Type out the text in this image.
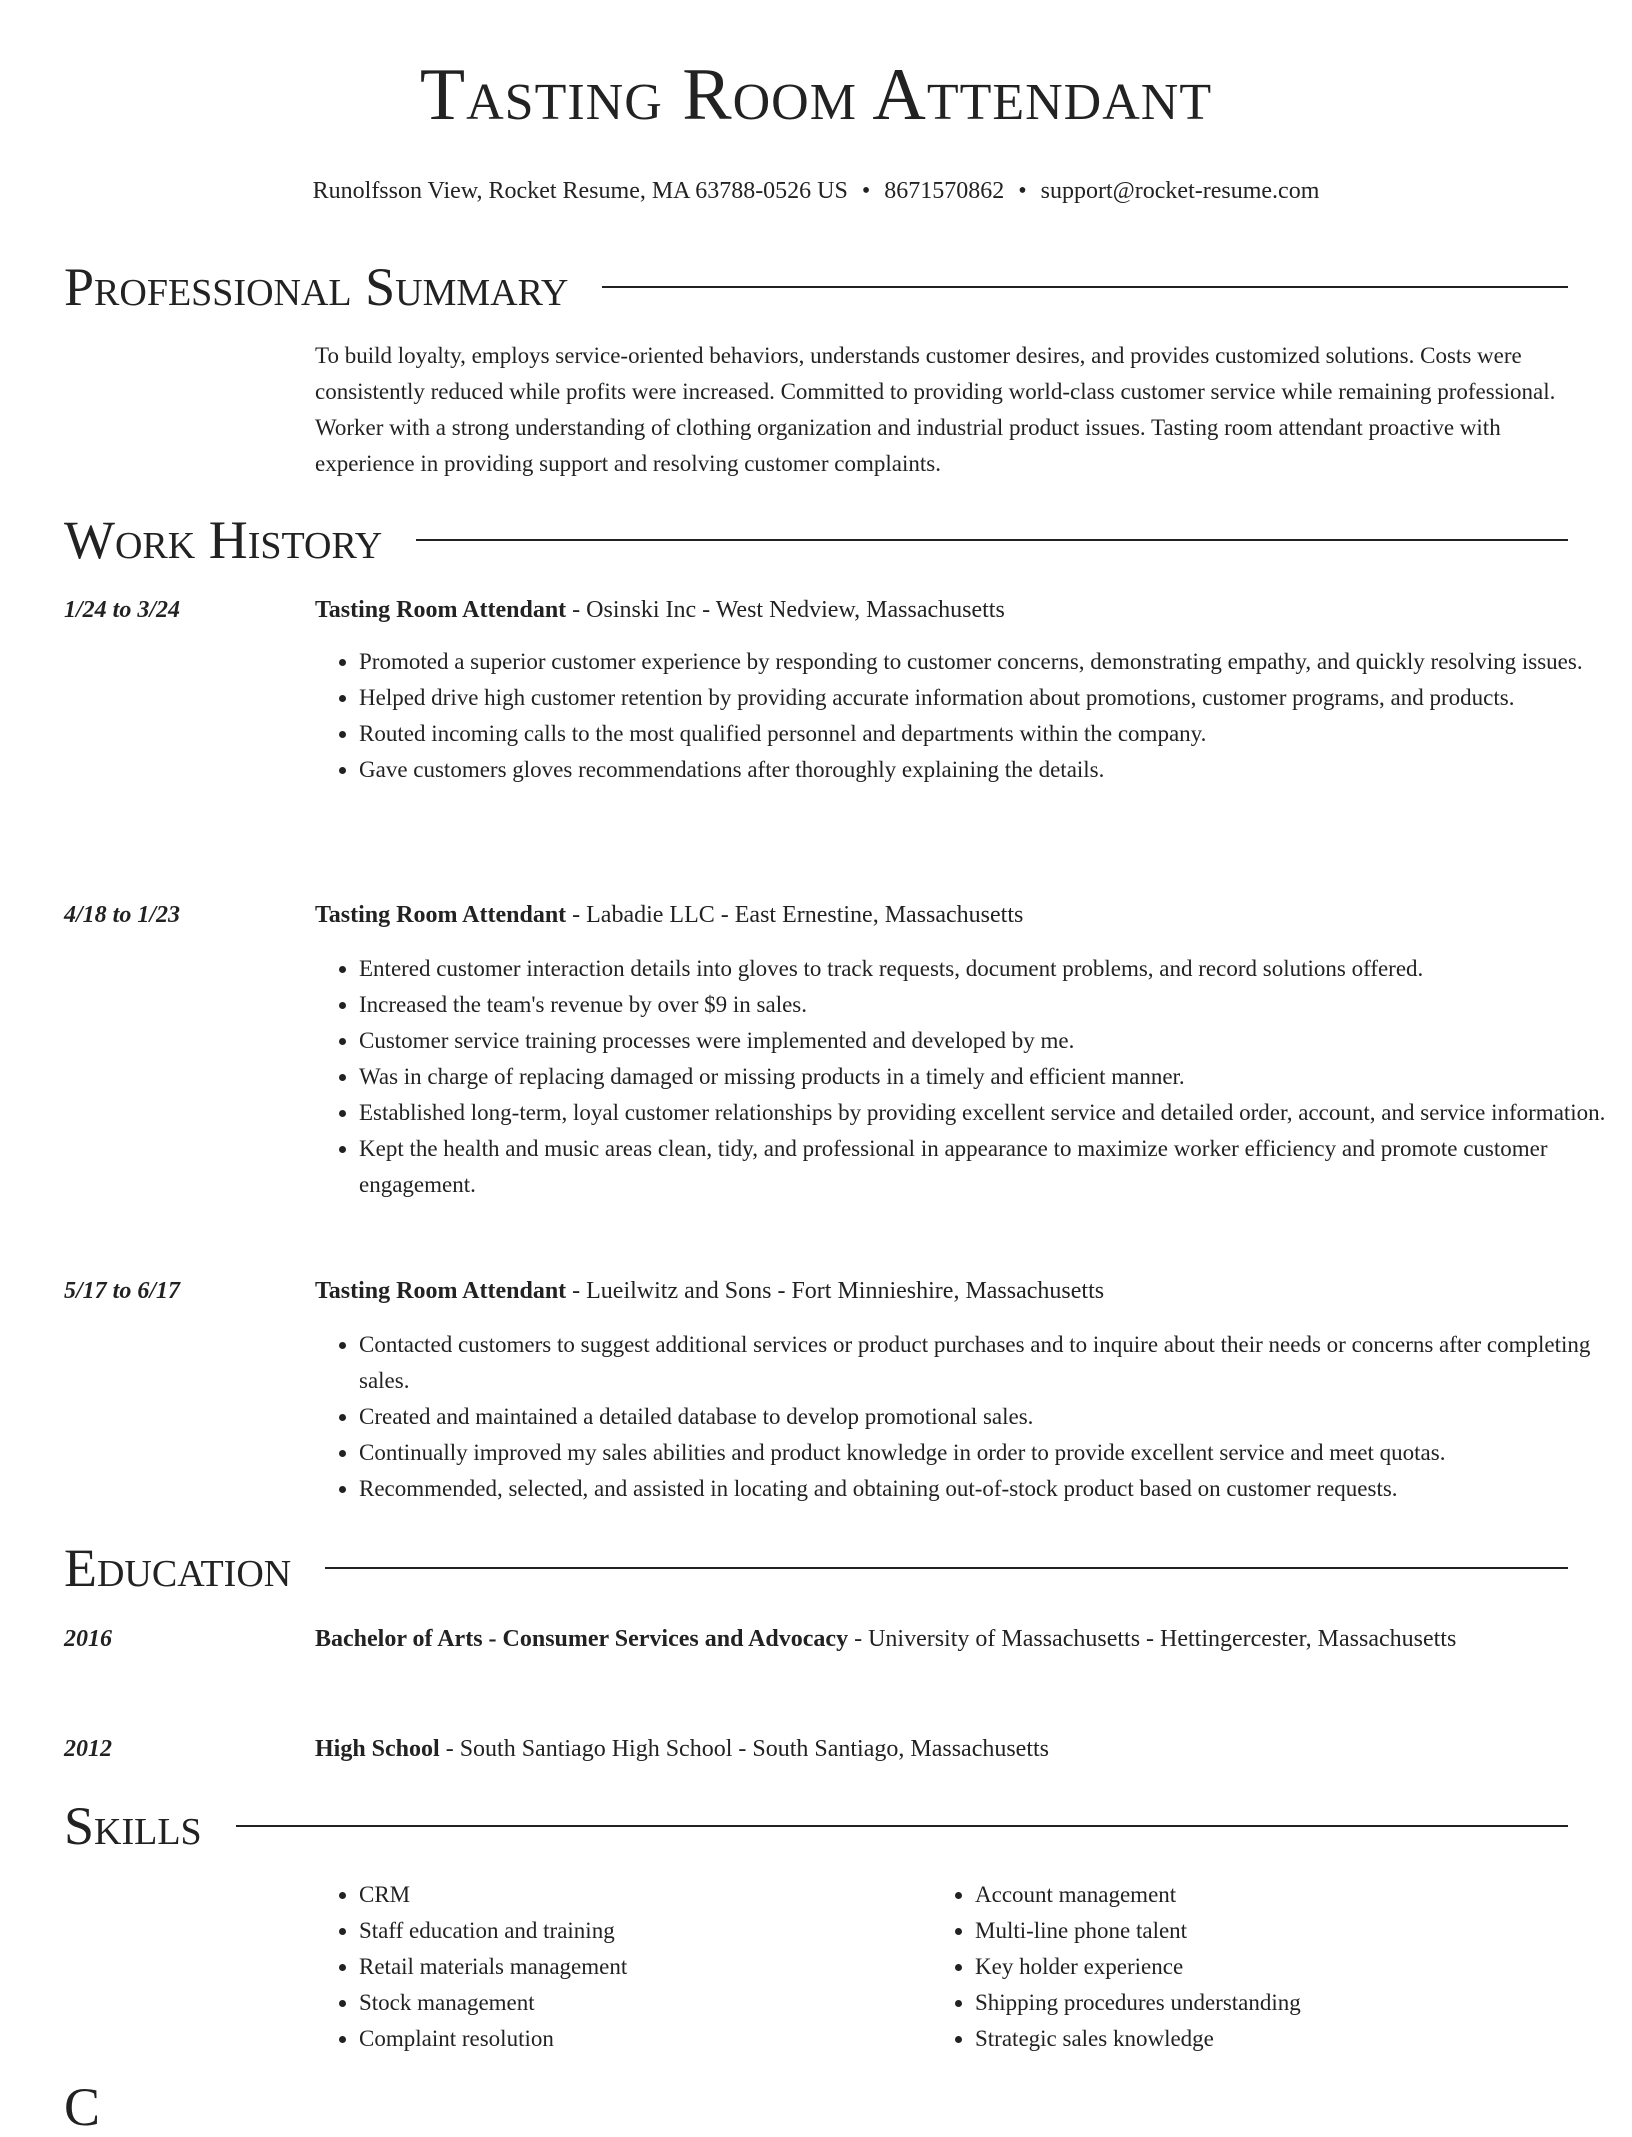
Tasting Room Attendant
Runolfsson View, Rocket Resume, MA 63788-0526 US • 8671570862 • support@rocket-resume.com
Professional Summary
To build loyalty, employs service-oriented behaviors, understands customer desires, and provides customized solutions. Costs were consistently reduced while profits were increased. Committed to providing world-class customer service while remaining professional. Worker with a strong understanding of clothing organization and industrial product issues. Tasting room attendant proactive with experience in providing support and resolving customer complaints.
Work History
1/24 to 3/24	Tasting Room Attendant - Osinski Inc - West Nedview, Massachusetts
• Promoted a superior customer experience by responding to customer concerns, demonstrating empathy, and quickly resolving issues.
• Helped drive high customer retention by providing accurate information about promotions, customer programs, and products.
• Routed incoming calls to the most qualified personnel and departments within the company.
• Gave customers gloves recommendations after thoroughly explaining the details.
4/18 to 1/23	Tasting Room Attendant - Labadie LLC - East Ernestine, Massachusetts
• Entered customer interaction details into gloves to track requests, document problems, and record solutions offered.
• Increased the team's revenue by over $9 in sales.
• Customer service training processes were implemented and developed by me.
• Was in charge of replacing damaged or missing products in a timely and efficient manner.
• Established long-term, loyal customer relationships by providing excellent service and detailed order, account, and service information.
• Kept the health and music areas clean, tidy, and professional in appearance to maximize worker efficiency and promote customer engagement.
5/17 to 6/17	Tasting Room Attendant - Lueilwitz and Sons - Fort Minnieshire, Massachusetts
• Contacted customers to suggest additional services or product purchases and to inquire about their needs or concerns after completing sales.
• Created and maintained a detailed database to develop promotional sales.
• Continually improved my sales abilities and product knowledge in order to provide excellent service and meet quotas.
• Recommended, selected, and assisted in locating and obtaining out-of-stock product based on customer requests.
Education
2016	Bachelor of Arts - Consumer Services and Advocacy - University of Massachusetts - Hettingercester, Massachusetts
2012	High School - South Santiago High School - South Santiago, Massachusetts
Skills
• CRM
• Staff education and training
• Retail materials management
• Stock management
• Complaint resolution
• Account management
• Multi-line phone talent
• Key holder experience
• Shipping procedures understanding
• Strategic sales knowledge
C
